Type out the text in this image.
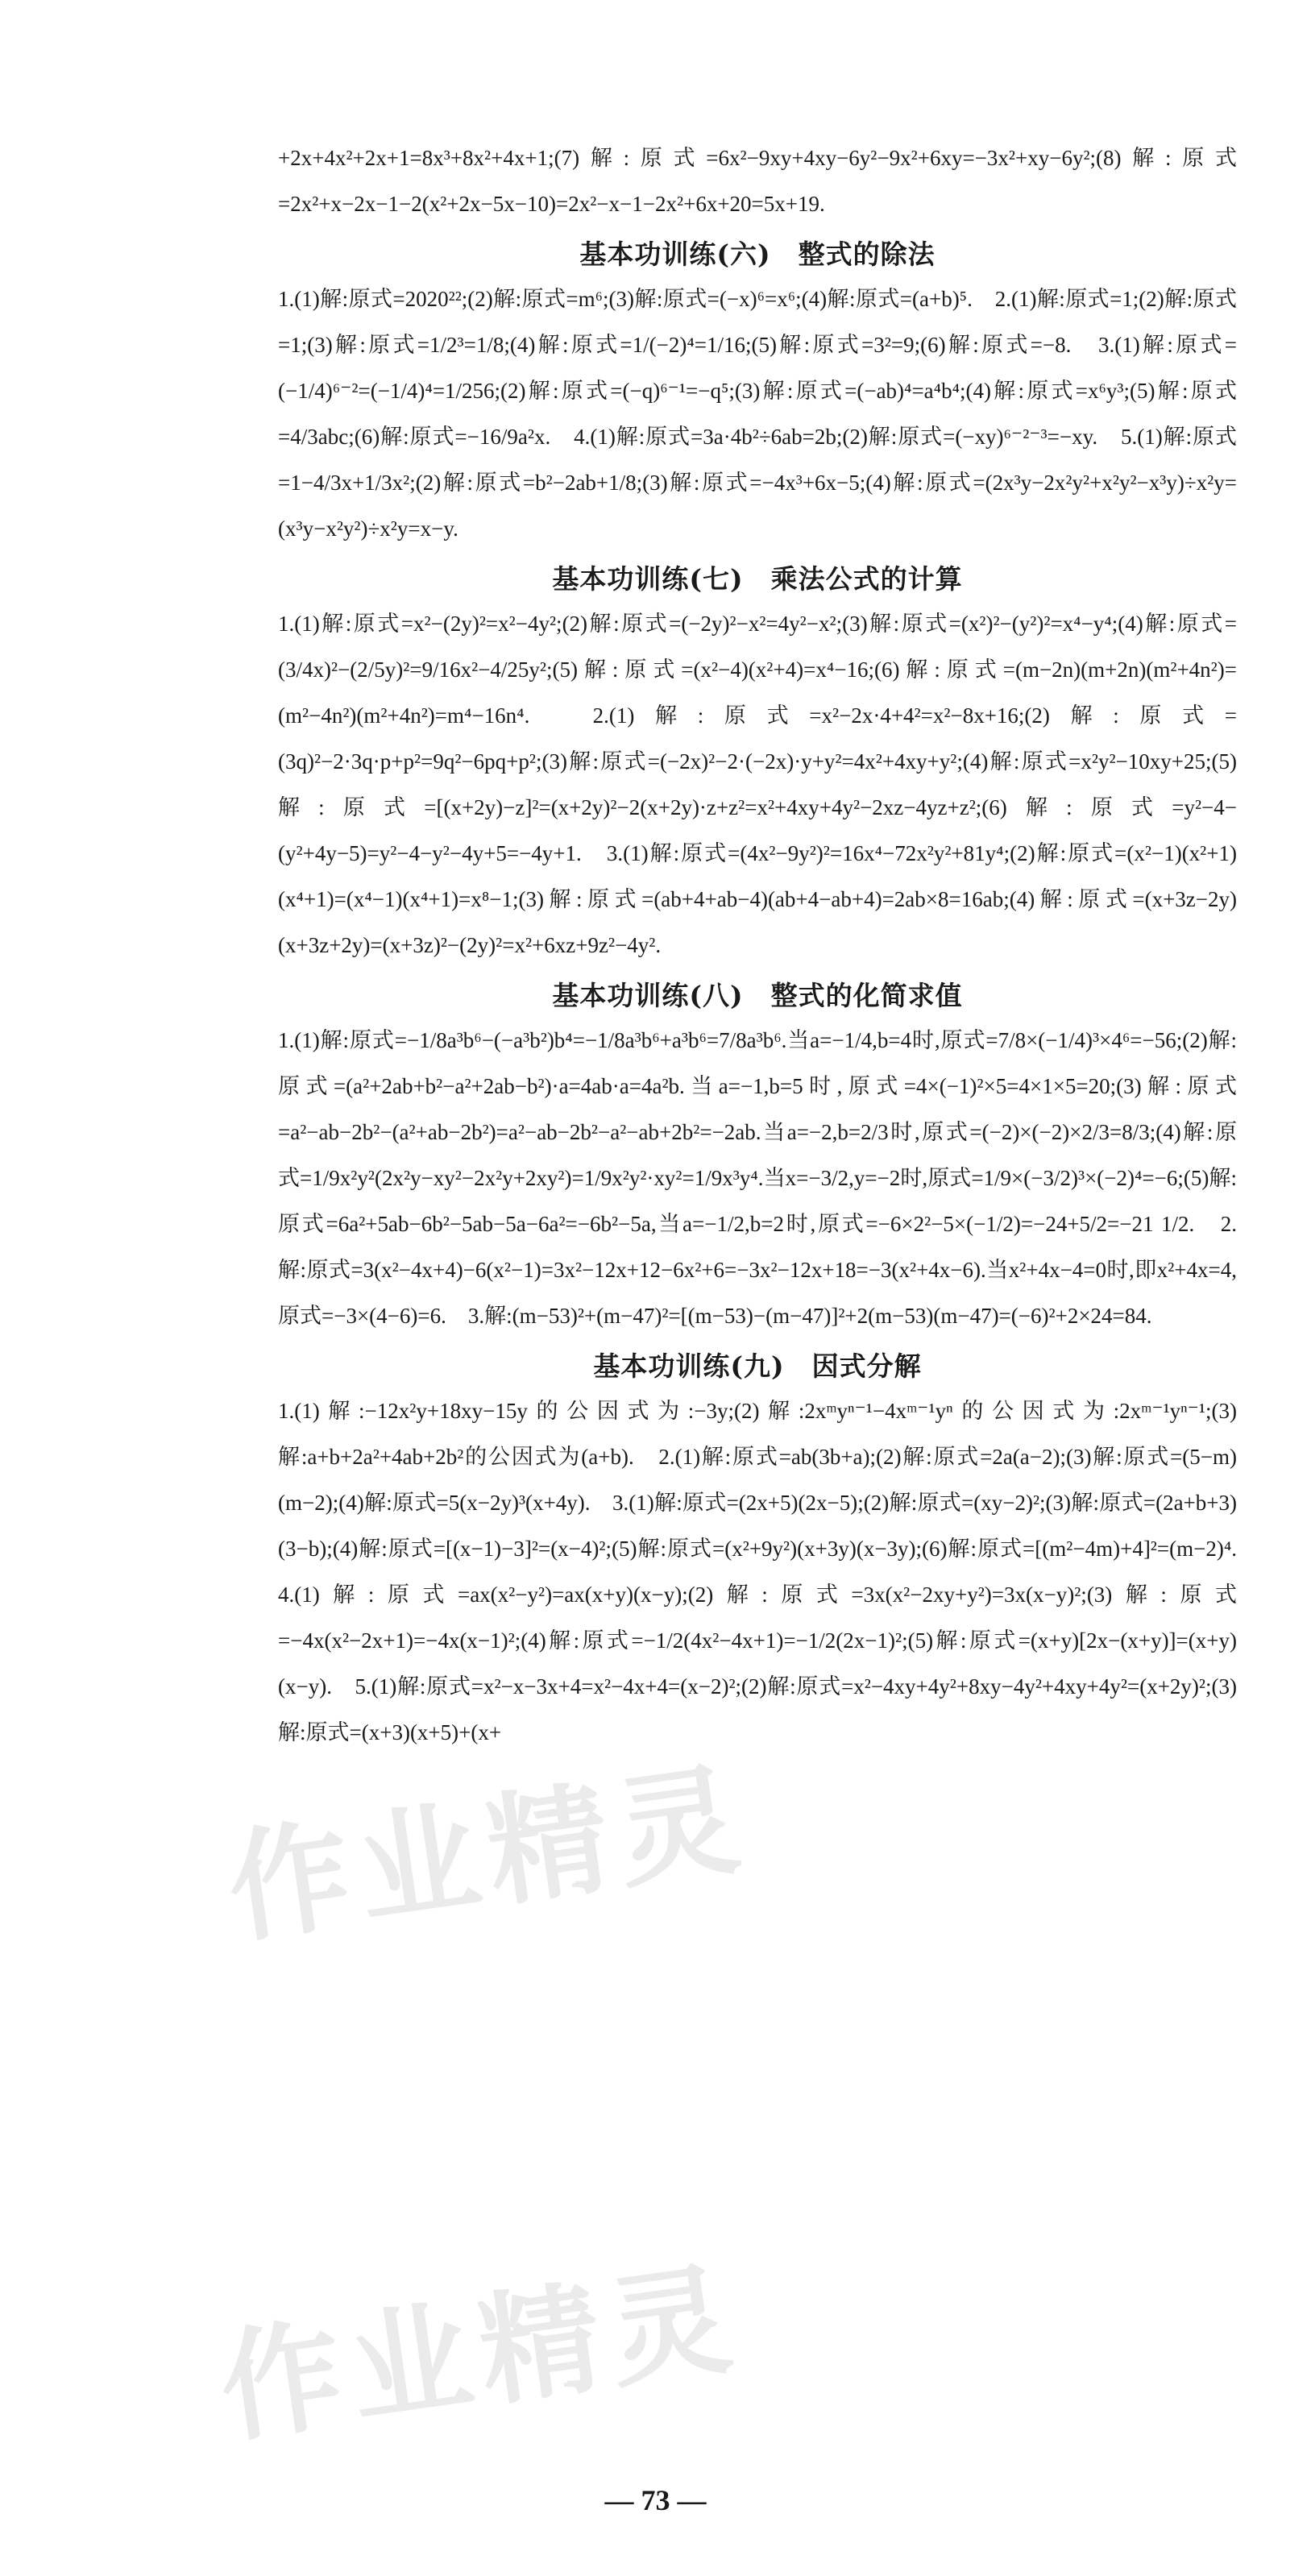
+2x+4x²+2x+1=8x³+8x²+4x+1;(7)解:原式=6x²−9xy+4xy−6y²−9x²+6xy=−3x²+xy−6y²;(8)解:原式=2x²+x−2x−1−2(x²+2x−5x−10)=2x²−x−1−2x²+6x+20=5x+19.

基本功训练(六)　整式的除法

1.(1)解:原式=2020²²;(2)解:原式=m⁶;(3)解:原式=(−x)⁶=x⁶;(4)解:原式=(a+b)⁵.　2.(1)解:原式=1;(2)解:原式=1;(3)解:原式=1/2³=1/8;(4)解:原式=1/(−2)⁴=1/16;(5)解:原式=3²=9;(6)解:原式=−8.　3.(1)解:原式=(−1/4)⁶⁻²=(−1/4)⁴=1/256;(2)解:原式=(−q)⁶⁻¹=−q⁵;(3)解:原式=(−ab)⁴=a⁴b⁴;(4)解:原式=x⁶y³;(5)解:原式=4/3abc;(6)解:原式=−16/9a²x.　4.(1)解:原式=3a·4b²÷6ab=2b;(2)解:原式=(−xy)⁶⁻²⁻³=−xy.　5.(1)解:原式=1−4/3x+1/3x²;(2)解:原式=b²−2ab+1/8;(3)解:原式=−4x³+6x−5;(4)解:原式=(2x³y−2x²y²+x²y²−x³y)÷x²y=(x³y−x²y²)÷x²y=x−y.

基本功训练(七)　乘法公式的计算

1.(1)解:原式=x²−(2y)²=x²−4y²;(2)解:原式=(−2y)²−x²=4y²−x²;(3)解:原式=(x²)²−(y²)²=x⁴−y⁴;(4)解:原式=(3/4x)²−(2/5y)²=9/16x²−4/25y²;(5)解:原式=(x²−4)(x²+4)=x⁴−16;(6)解:原式=(m−2n)(m+2n)(m²+4n²)=(m²−4n²)(m²+4n²)=m⁴−16n⁴.　2.(1)解:原式=x²−2x·4+4²=x²−8x+16;(2)解:原式=(3q)²−2·3q·p+p²=9q²−6pq+p²;(3)解:原式=(−2x)²−2·(−2x)·y+y²=4x²+4xy+y²;(4)解:原式=x²y²−10xy+25;(5)解:原式=[(x+2y)−z]²=(x+2y)²−2(x+2y)·z+z²=x²+4xy+4y²−2xz−4yz+z²;(6)解:原式=y²−4−(y²+4y−5)=y²−4−y²−4y+5=−4y+1.　3.(1)解:原式=(4x²−9y²)²=16x⁴−72x²y²+81y⁴;(2)解:原式=(x²−1)(x²+1)(x⁴+1)=(x⁴−1)(x⁴+1)=x⁸−1;(3)解:原式=(ab+4+ab−4)(ab+4−ab+4)=2ab×8=16ab;(4)解:原式=(x+3z−2y)(x+3z+2y)=(x+3z)²−(2y)²=x²+6xz+9z²−4y².

基本功训练(八)　整式的化简求值

1.(1)解:原式=−1/8a³b⁶−(−a³b²)b⁴=−1/8a³b⁶+a³b⁶=7/8a³b⁶.当a=−1/4,b=4时,原式=7/8×(−1/4)³×4⁶=−56;(2)解:原式=(a²+2ab+b²−a²+2ab−b²)·a=4ab·a=4a²b.当a=−1,b=5时,原式=4×(−1)²×5=4×1×5=20;(3)解:原式=a²−ab−2b²−(a²+ab−2b²)=a²−ab−2b²−a²−ab+2b²=−2ab.当a=−2,b=2/3时,原式=(−2)×(−2)×2/3=8/3;(4)解:原式=1/9x²y²(2x²y−xy²−2x²y+2xy²)=1/9x²y²·xy²=1/9x³y⁴.当x=−3/2,y=−2时,原式=1/9×(−3/2)³×(−2)⁴=−6;(5)解:原式=6a²+5ab−6b²−5ab−5a−6a²=−6b²−5a,当a=−1/2,b=2时,原式=−6×2²−5×(−1/2)=−24+5/2=−21 1/2.　2.解:原式=3(x²−4x+4)−6(x²−1)=3x²−12x+12−6x²+6=−3x²−12x+18=−3(x²+4x−6).当x²+4x−4=0时,即x²+4x=4,原式=−3×(4−6)=6.　3.解:(m−53)²+(m−47)²=[(m−53)−(m−47)]²+2(m−53)(m−47)=(−6)²+2×24=84.

基本功训练(九)　因式分解

1.(1)解:−12x²y+18xy−15y的公因式为:−3y;(2)解:2xᵐyⁿ⁻¹−4xᵐ⁻¹yⁿ的公因式为:2xᵐ⁻¹yⁿ⁻¹;(3)解:a+b+2a²+4ab+2b²的公因式为(a+b).　2.(1)解:原式=ab(3b+a);(2)解:原式=2a(a−2);(3)解:原式=(5−m)(m−2);(4)解:原式=5(x−2y)³(x+4y).　3.(1)解:原式=(2x+5)(2x−5);(2)解:原式=(xy−2)²;(3)解:原式=(2a+b+3)(3−b);(4)解:原式=[(x−1)−3]²=(x−4)²;(5)解:原式=(x²+9y²)(x+3y)(x−3y);(6)解:原式=[(m²−4m)+4]²=(m−2)⁴.　4.(1)解:原式=ax(x²−y²)=ax(x+y)(x−y);(2)解:原式=3x(x²−2xy+y²)=3x(x−y)²;(3)解:原式=−4x(x²−2x+1)=−4x(x−1)²;(4)解:原式=−1/2(4x²−4x+1)=−1/2(2x−1)²;(5)解:原式=(x+y)[2x−(x+y)]=(x+y)(x−y).　5.(1)解:原式=x²−x−3x+4=x²−4x+4=(x−2)²;(2)解:原式=x²−4xy+4y²+8xy−4y²+4xy+4y²=(x+2y)²;(3)解:原式=(x+3)(x+5)+(x+

作业精灵
作业精灵
— 73 —
